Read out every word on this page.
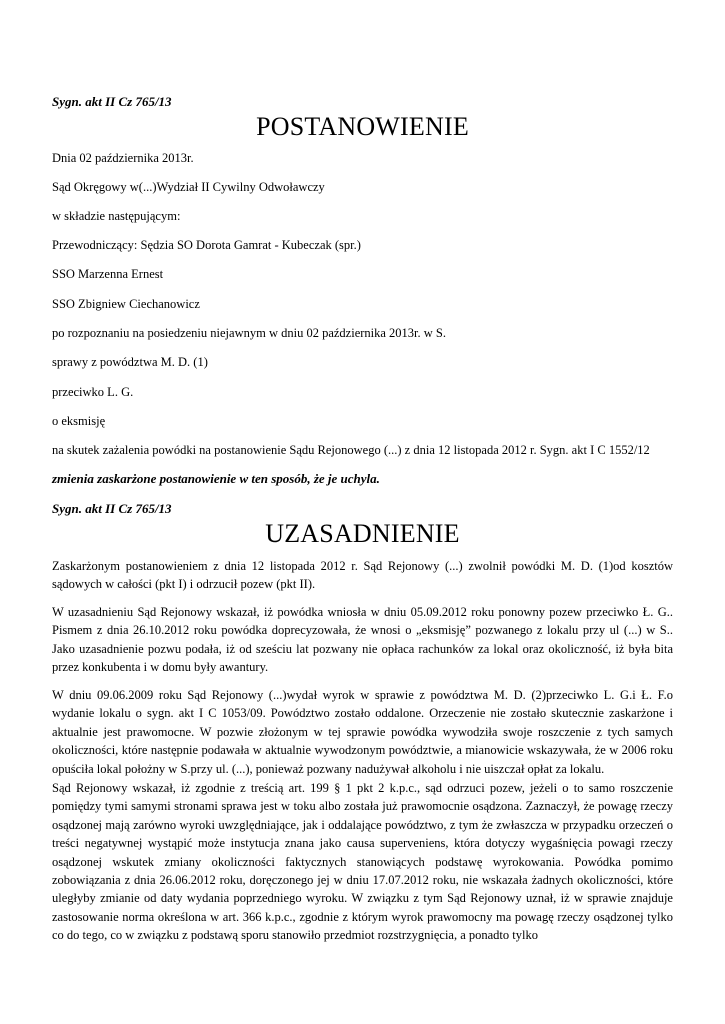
Sygn. akt II Cz 765/13
POSTANOWIENIE
Dnia 02 października 2013r.
Sąd Okręgowy w(...)Wydział II Cywilny Odwoławczy
w składzie następującym:
Przewodniczący: Sędzia SO Dorota Gamrat - Kubeczak (spr.)
SSO Marzenna Ernest
SSO Zbigniew Ciechanowicz
po rozpoznaniu na posiedzeniu niejawnym w dniu 02 października 2013r. w S.
sprawy z powództwa M. D. (1)
przeciwko L. G.
o eksmisję
na skutek zażalenia powódki na postanowienie Sądu Rejonowego (...) z dnia 12 listopada 2012 r. Sygn. akt I C 1552/12
zmienia zaskarżone postanowienie w ten sposób, że je uchyla.
Sygn. akt II Cz 765/13
UZASADNIENIE

Zaskarżonym postanowieniem z dnia 12 listopada 2012 r. Sąd Rejonowy (...) zwolnił powódki M. D. (1)od kosztów sądowych w całości (pkt I) i odrzucił pozew (pkt II).

W uzasadnieniu Sąd Rejonowy wskazał, iż powódka wniosła w dniu 05.09.2012 roku ponowny pozew przeciwko Ł. G.. Pismem z dnia 26.10.2012 roku powódka doprecyzowała, że wnosi o „eksmisję” pozwanego z lokalu przy ul (...) w S.. Jako uzasadnienie pozwu podała, iż od sześciu lat pozwany nie opłaca rachunków za lokal oraz okoliczność, iż była bita przez konkubenta i w domu były awantury.

W dniu 09.06.2009 roku Sąd Rejonowy (...)wydał wyrok w sprawie z powództwa M. D. (2)przeciwko L. G.i Ł. F.o wydanie lokalu o sygn. akt I C 1053/09. Powództwo zostało oddalone. Orzeczenie nie zostało skutecznie zaskarżone i aktualnie jest prawomocne. W pozwie złożonym w tej sprawie powódka wywodziła swoje roszczenie z tych samych okoliczności, które następnie podawała w aktualnie wywodzonym powództwie, a mianowicie wskazywała, że w 2006 roku opuściła lokal położny w S.przy ul. (...), ponieważ pozwany nadużywał alkoholu i nie uiszczał opłat za lokalu.

Sąd Rejonowy wskazał, iż zgodnie z treścią art. 199 § 1 pkt 2 k.p.c., sąd odrzuci pozew, jeżeli o to samo roszczenie pomiędzy tymi samymi stronami sprawa jest w toku albo została już prawomocnie osądzona. Zaznaczył, że powagę rzeczy osądzonej mają zarówno wyroki uwzględniające, jak i oddalające powództwo, z tym że zwłaszcza w przypadku orzeczeń o treści negatywnej wystąpić może instytucja znana jako causa superveniens, która dotyczy wygaśnięcia powagi rzeczy osądzonej wskutek zmiany okoliczności faktycznych stanowiących podstawę wyrokowania. Powódka pomimo zobowiązania z dnia 26.06.2012 roku, doręczonego jej w dniu 17.07.2012 roku, nie wskazała żadnych okoliczności, które uległyby zmianie od daty wydania poprzedniego wyroku. W związku z tym Sąd Rejonowy uznał, iż w sprawie znajduje zastosowanie norma określona w art. 366 k.p.c., zgodnie z którym wyrok prawomocny ma powagę rzeczy osądzonej tylko co do tego, co w związku z podstawą sporu stanowiło przedmiot rozstrzygnięcia, a ponadto tylko
